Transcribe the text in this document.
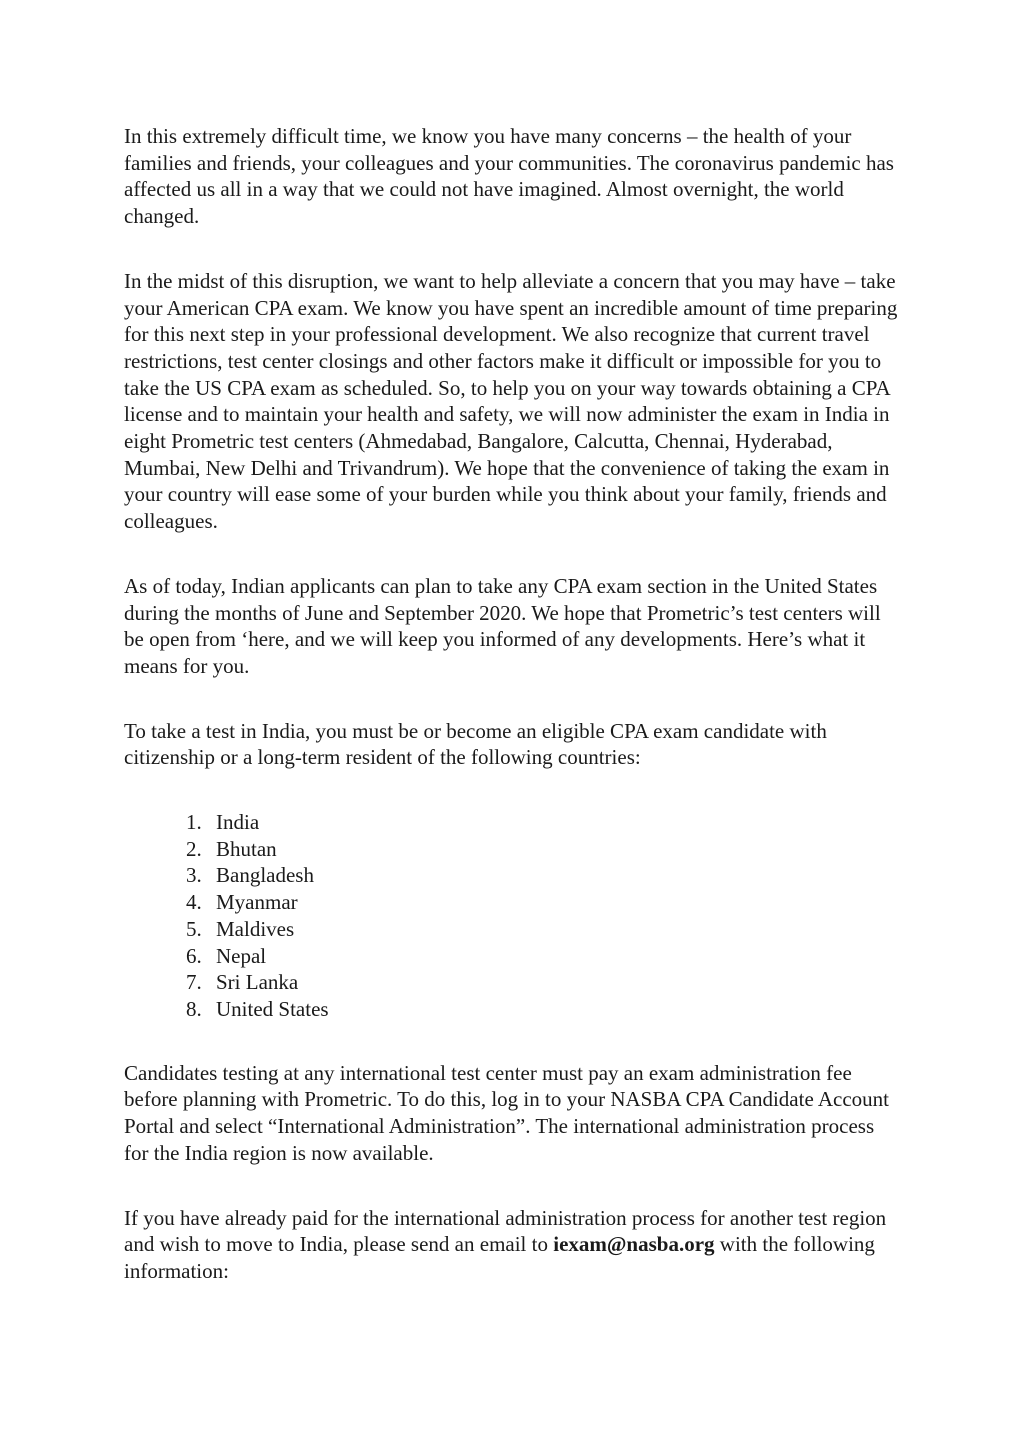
In this extremely difficult time, we know you have many concerns – the health of your families and friends, your colleagues and your communities. The coronavirus pandemic has affected us all in a way that we could not have imagined. Almost overnight, the world changed.

In the midst of this disruption, we want to help alleviate a concern that you may have – take your American CPA exam. We know you have spent an incredible amount of time preparing for this next step in your professional development. We also recognize that current travel restrictions, test center closings and other factors make it difficult or impossible for you to take the US CPA exam as scheduled. So, to help you on your way towards obtaining a CPA license and to maintain your health and safety, we will now administer the exam in India in eight Prometric test centers (Ahmedabad, Bangalore, Calcutta, Chennai, Hyderabad, Mumbai, New Delhi and Trivandrum). We hope that the convenience of taking the exam in your country will ease some of your burden while you think about your family, friends and colleagues.

As of today, Indian applicants can plan to take any CPA exam section in the United States during the months of June and September 2020. We hope that Prometric’s test centers will be open from ‘here, and we will keep you informed of any developments. Here’s what it means for you.

To take a test in India, you must be or become an eligible CPA exam candidate with citizenship or a long-term resident of the following countries:

1. India
2. Bhutan
3. Bangladesh
4. Myanmar
5. Maldives
6. Nepal
7. Sri Lanka
8. United States

Candidates testing at any international test center must pay an exam administration fee before planning with Prometric. To do this, log in to your NASBA CPA Candidate Account Portal and select “International Administration”. The international administration process for the India region is now available.

If you have already paid for the international administration process for another test region and wish to move to India, please send an email to iexam@nasba.org with the following information:
